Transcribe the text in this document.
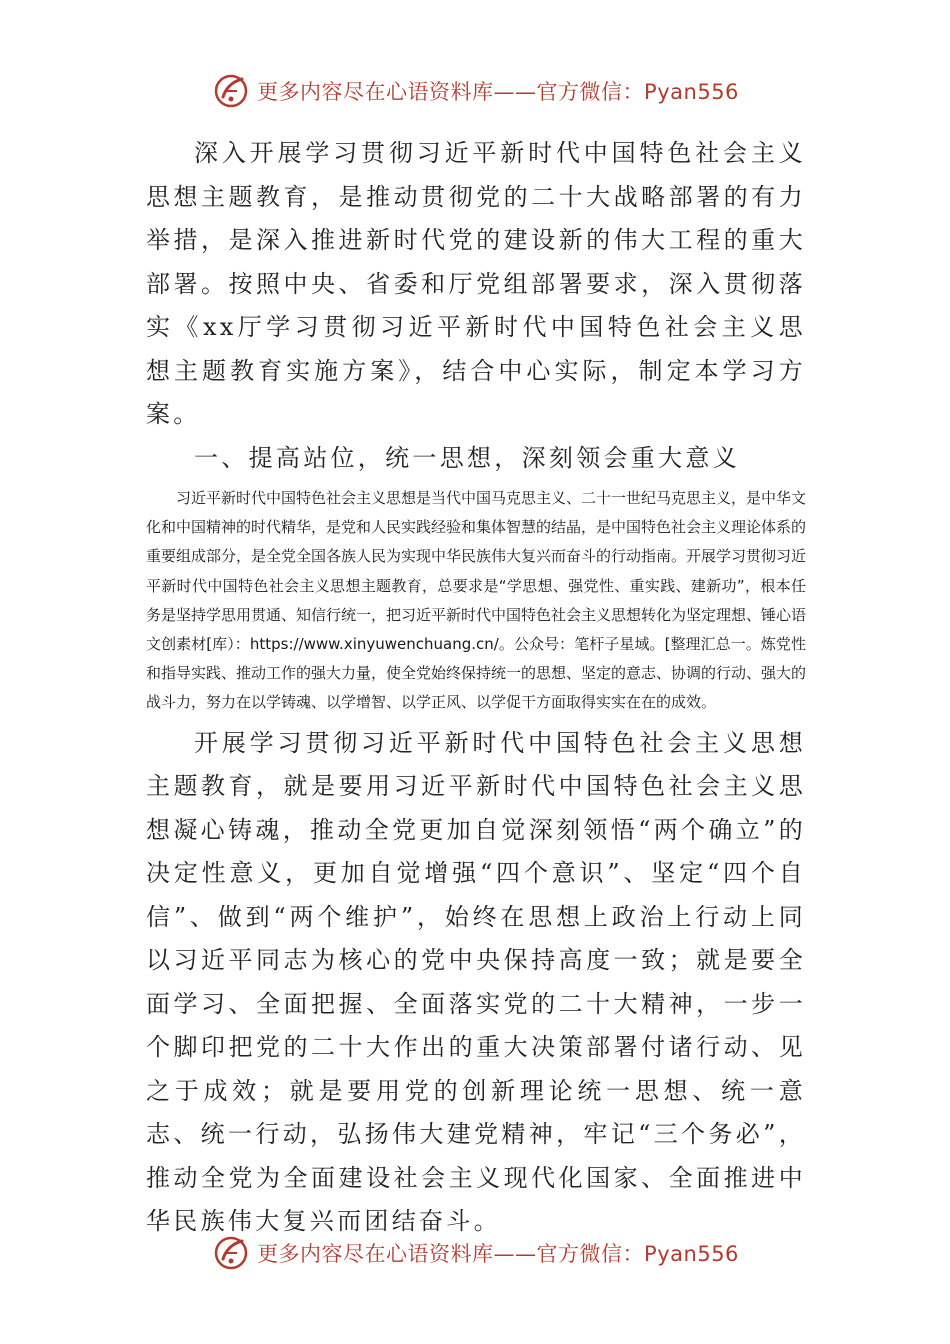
更多内容尽在心语资料库——官方微信：Pyan556

深入开展学习贯彻习近平新时代中国特色社会主义思想主题教育，是推动贯彻党的二十大战略部署的有力举措，是深入推进新时代党的建设新的伟大工程的重大部署。按照中央、省委和厅党组部署要求，深入贯彻落实《xx厅学习贯彻习近平新时代中国特色社会主义思想主题教育实施方案》，结合中心实际，制定本学习方案。

一、提高站位，统一思想，深刻领会重大意义

习近平新时代中国特色社会主义思想是当代中国马克思主义、二十一世纪马克思主义，是中华文化和中国精神的时代精华，是党和人民实践经验和集体智慧的结晶，是中国特色社会主义理论体系的重要组成部分，是全党全国各族人民为实现中华民族伟大复兴而奋斗的行动指南。开展学习贯彻习近平新时代中国特色社会主义思想主题教育，总要求是“学思想、强党性、重实践、建新功”，根本任务是坚持学思用贯通、知信行统一，把习近平新时代中国特色社会主义思想转化为坚定理想、锤心语文创素材[库）：https://www.xinyuwenchuang.cn/。公众号：笔杆子星域。[整理汇总一。炼党性和指导实践、推动工作的强大力量，使全党始终保持统一的思想、坚定的意志、协调的行动、强大的战斗力，努力在以学铸魂、以学增智、以学正风、以学促干方面取得实实在在的成效。

开展学习贯彻习近平新时代中国特色社会主义思想主题教育，就是要用习近平新时代中国特色社会主义思想凝心铸魂，推动全党更加自觉深刻领悟“两个确立”的决定性意义，更加自觉增强“四个意识”、坚定“四个自信”、做到“两个维护”，始终在思想上政治上行动上同以习近平同志为核心的党中央保持高度一致；就是要全面学习、全面把握、全面落实党的二十大精神，一步一个脚印把党的二十大作出的重大决策部署付诸行动、见之于成效；就是要用党的创新理论统一思想、统一意志、统一行动，弘扬伟大建党精神，牢记“三个务必”，推动全党为全面建设社会主义现代化国家、全面推进中华民族伟大复兴而团结奋斗。

更多内容尽在心语资料库——官方微信：Pyan556
